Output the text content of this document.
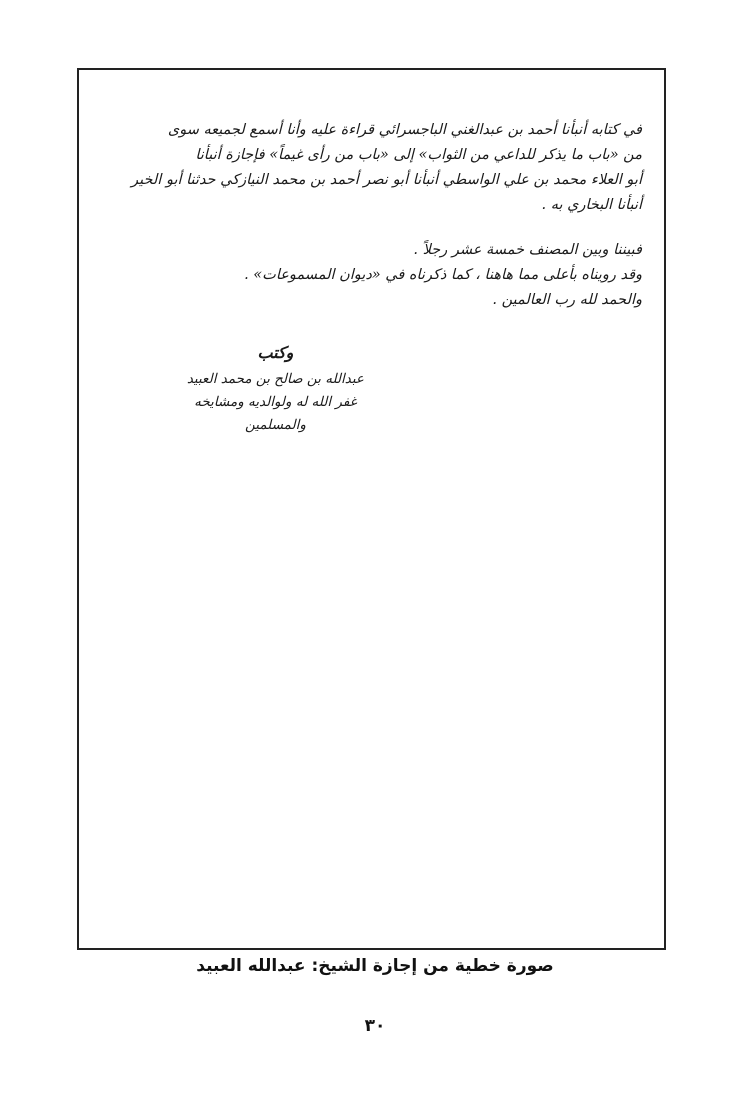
في كتابه أنبأنا أحمد بن عبدالغني الباجسرائي قراءة عليه وأنا أسمع لجميعه سوى
من «باب ما يذكر للداعي من الثواب» إلى «باب من رأى غيماً» فإجازة أنبأنا
أبو العلاء محمد بن علي الواسطي أنبأنا أبو نصر أحمد بن محمد النيازكي حدثنا أبو الخير
أنبأنا البخاري به .
فبيننا وبين المصنف خمسة عشر رجلاً .
وقد رويناه بأعلى مما هاهنا ، كما ذكرناه في «ديوان المسموعات» .
والحمد لله رب العالمين .
وكتب
عبدالله بن صالح بن محمد العبيد
غفر الله له ولوالديه ومشايخه
والمسلمين
صورة خطية من إجازة الشيخ: عبدالله العبيد
٣٠
